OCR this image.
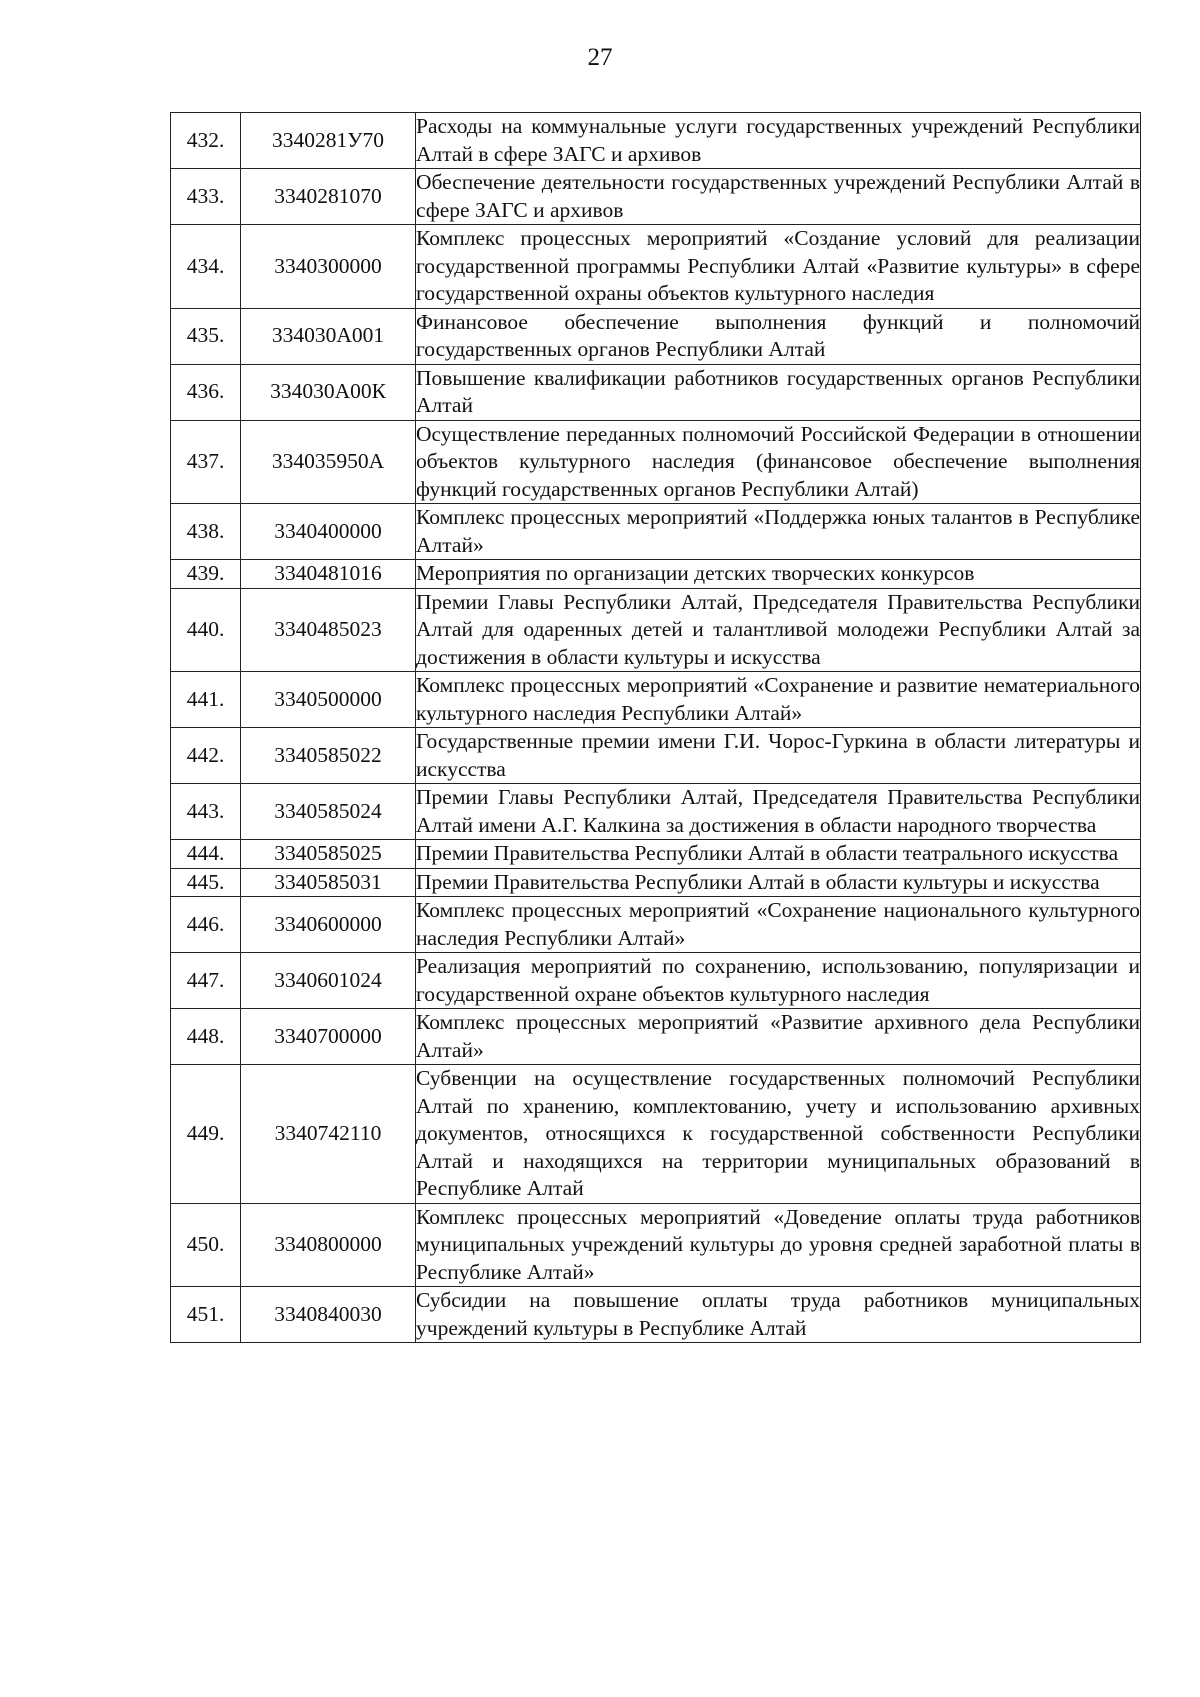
27
432.	3340281У70	Расходы на коммунальные услуги государственных учреждений Республики Алтай в сфере ЗАГС и архивов
433.	3340281070	Обеспечение деятельности государственных учреждений Республики Алтай в сфере ЗАГС и архивов
434.	3340300000	Комплекс процессных мероприятий «Создание условий для реализации государственной программы Республики Алтай «Развитие культуры» в сфере государственной охраны объектов культурного наследия
435.	334030А001	Финансовое обеспечение выполнения функций и полномочий государственных органов Республики Алтай
436.	334030А00К	Повышение квалификации работников государственных органов Республики Алтай
437.	334035950А	Осуществление переданных полномочий Российской Федерации в отношении объектов культурного наследия (финансовое обеспечение выполнения функций государственных органов Республики Алтай)
438.	3340400000	Комплекс процессных мероприятий «Поддержка юных талантов в Республике Алтай»
439.	3340481016	Мероприятия по организации детских творческих конкурсов
440.	3340485023	Премии Главы Республики Алтай, Председателя Правительства Республики Алтай для одаренных детей и талантливой молодежи Республики Алтай за достижения в области культуры и искусства
441.	3340500000	Комплекс процессных мероприятий «Сохранение и развитие нематериального культурного наследия Республики Алтай»
442.	3340585022	Государственные премии имени Г.И. Чорос-Гуркина в области литературы и искусства
443.	3340585024	Премии Главы Республики Алтай, Председателя Правительства Республики Алтай имени А.Г. Калкина за достижения в области народного творчества
444.	3340585025	Премии Правительства Республики Алтай в области театрального искусства
445.	3340585031	Премии Правительства Республики Алтай в области культуры и искусства
446.	3340600000	Комплекс процессных мероприятий «Сохранение национального культурного наследия Республики Алтай»
447.	3340601024	Реализация мероприятий по сохранению, использованию, популяризации и государственной охране объектов культурного наследия
448.	3340700000	Комплекс процессных мероприятий «Развитие архивного дела Республики Алтай»
449.	3340742110	Субвенции на осуществление государственных полномочий Республики Алтай по хранению, комплектованию, учету и использованию архивных документов, относящихся к государственной собственности Республики Алтай и находящихся на территории муниципальных образований в Республике Алтай
450.	3340800000	Комплекс процессных мероприятий «Доведение оплаты труда работников муниципальных учреждений культуры до уровня средней заработной платы в Республике Алтай»
451.	3340840030	Субсидии на повышение оплаты труда работников муниципальных учреждений культуры в Республике Алтай
